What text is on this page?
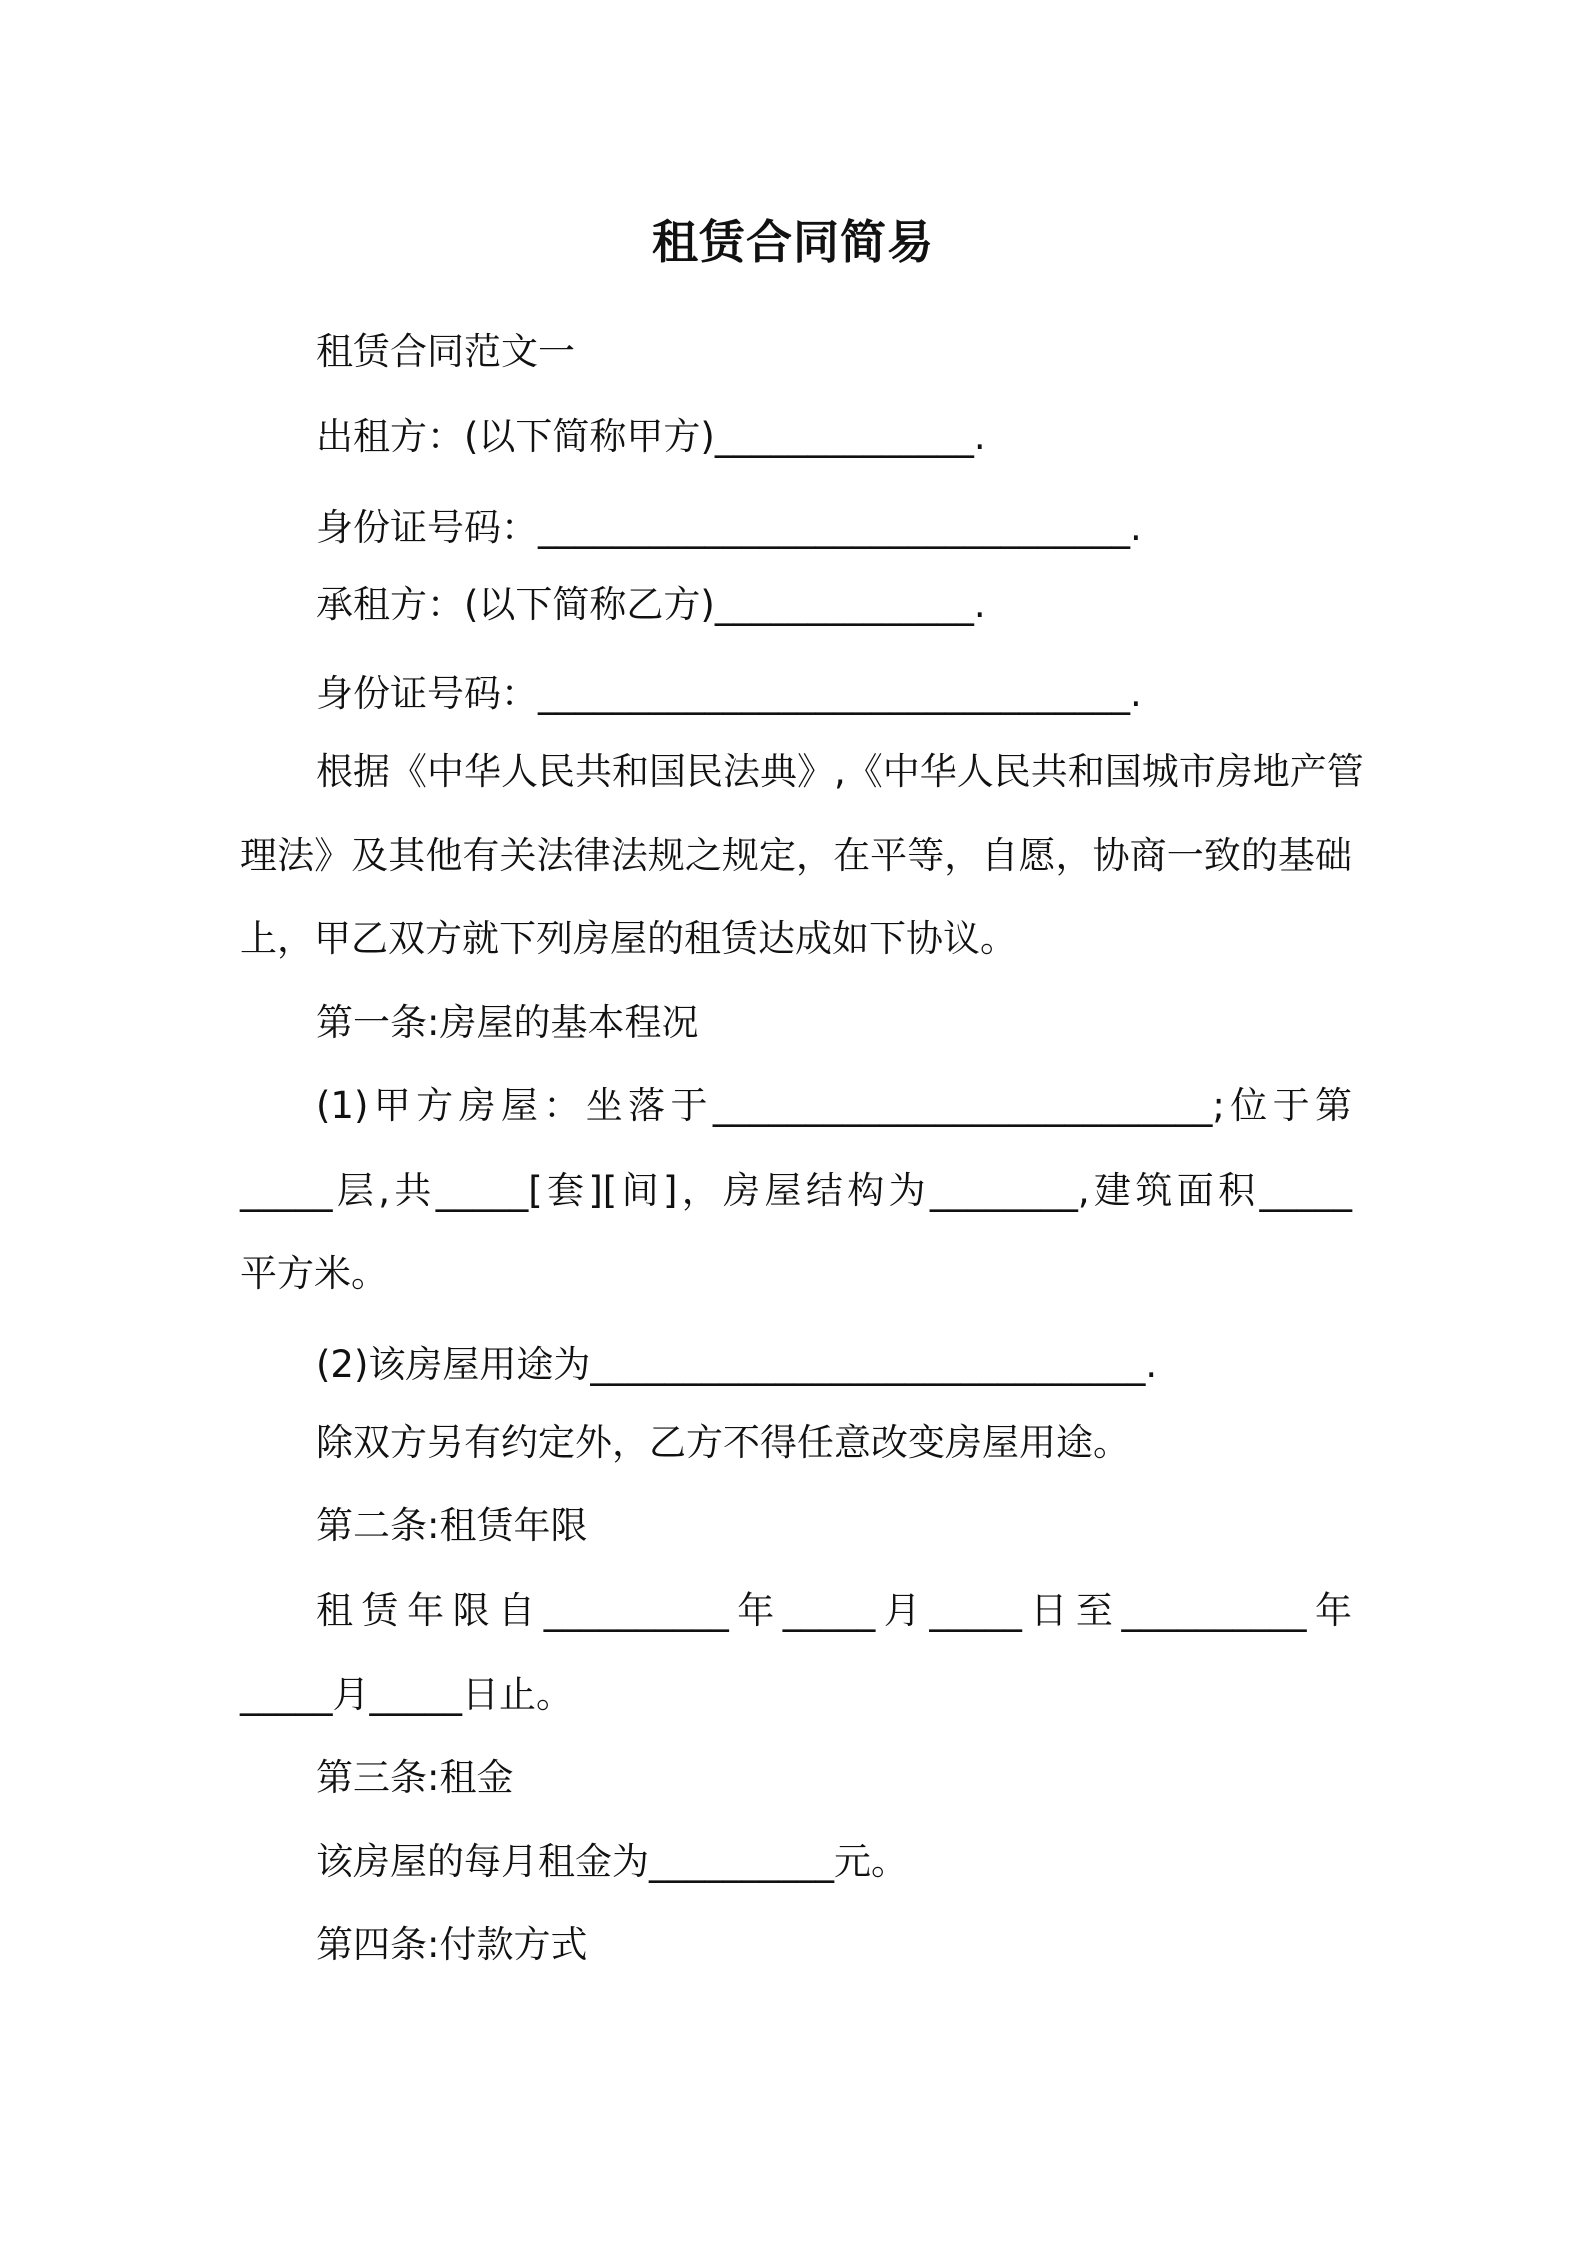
租赁合同简易
租赁合同范文一
出租方：(以下简称甲方)______________.
身份证号码：________________________________.
承租方：(以下简称乙方)______________.
身份证号码：________________________________.
根据《中华人民共和国民法典》,《中华人民共和国城市房地产管
理法》及其他有关法律法规之规定，在平等，自愿，协商一致的基础
上，甲乙双方就下列房屋的租赁达成如下协议。
第一条:房屋的基本程况
(1)甲方房屋：坐落于___________________________;位于第
_____层,共_____[套][间]，房屋结构为________,建筑面积_____
平方米。
(2)该房屋用途为______________________________.
除双方另有约定外，乙方不得任意改变房屋用途。
第二条:租赁年限
租赁年限自__________年_____月_____日至__________年
_____月_____日止。
第三条:租金
该房屋的每月租金为__________元。
第四条:付款方式
